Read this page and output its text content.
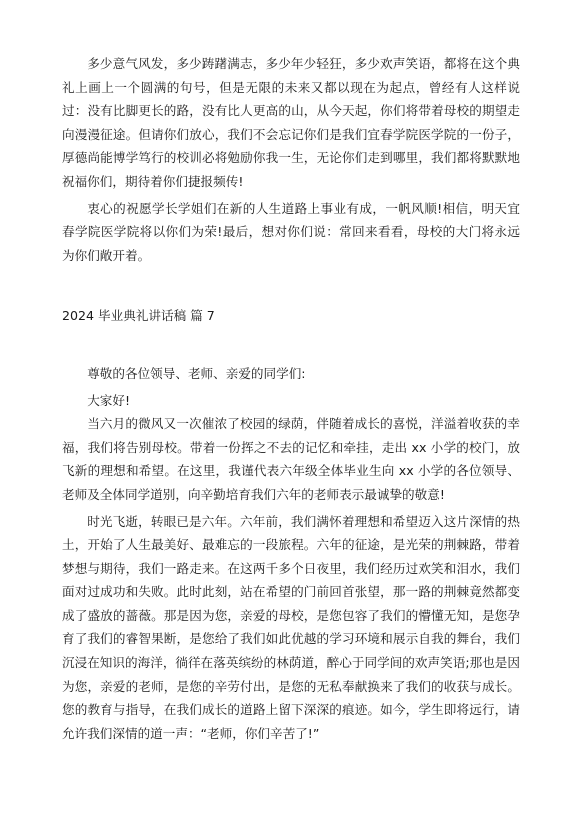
多少意气风发，多少踌躇满志，多少年少轻狂，多少欢声笑语，都将在这个典礼上画上一个圆满的句号，但是无限的未来又都以现在为起点，曾经有人这样说过：没有比脚更长的路，没有比人更高的山，从今天起，你们将带着母校的期望走向漫漫征途。但请你们放心，我们不会忘记你们是我们宜春学院医学院的一份子，厚德尚能博学笃行的校训必将勉励你我一生，无论你们走到哪里，我们都将默默地祝福你们，期待着你们捷报频传!

衷心的祝愿学长学姐们在新的人生道路上事业有成，一帆风顺!相信，明天宜春学院医学院将以你们为荣!最后，想对你们说：常回来看看，母校的大门将永远为你们敞开着。

2024 毕业典礼讲话稿 篇 7

尊敬的各位领导、老师、亲爱的同学们:

大家好!

当六月的微风又一次催浓了校园的绿荫，伴随着成长的喜悦，洋溢着收获的幸福，我们将告别母校。带着一份挥之不去的记忆和牵挂，走出 xx 小学的校门，放飞新的理想和希望。在这里，我谨代表六年级全体毕业生向 xx 小学的各位领导、老师及全体同学道别，向辛勤培育我们六年的老师表示最诚挚的敬意!

时光飞逝，转眼已是六年。六年前，我们满怀着理想和希望迈入这片深情的热土，开始了人生最美好、最难忘的一段旅程。六年的征途，是光荣的荆棘路，带着梦想与期待，我们一路走来。在这两千多个日夜里，我们经历过欢笑和泪水，我们面对过成功和失败。此时此刻，站在希望的门前回首张望，那一路的荆棘竟然都变成了盛放的蔷薇。那是因为您，亲爱的母校，是您包容了我们的懵懂无知，是您孕育了我们的睿智果断，是您给了我们如此优越的学习环境和展示自我的舞台，我们沉浸在知识的海洋，徜徉在落英缤纷的林荫道，醉心于同学间的欢声笑语;那也是因为您，亲爱的老师，是您的辛劳付出，是您的无私奉献换来了我们的收获与成长。您的教育与指导，在我们成长的道路上留下深深的痕迹。如今，学生即将远行，请允许我们深情的道一声：“老师，你们辛苦了!”
